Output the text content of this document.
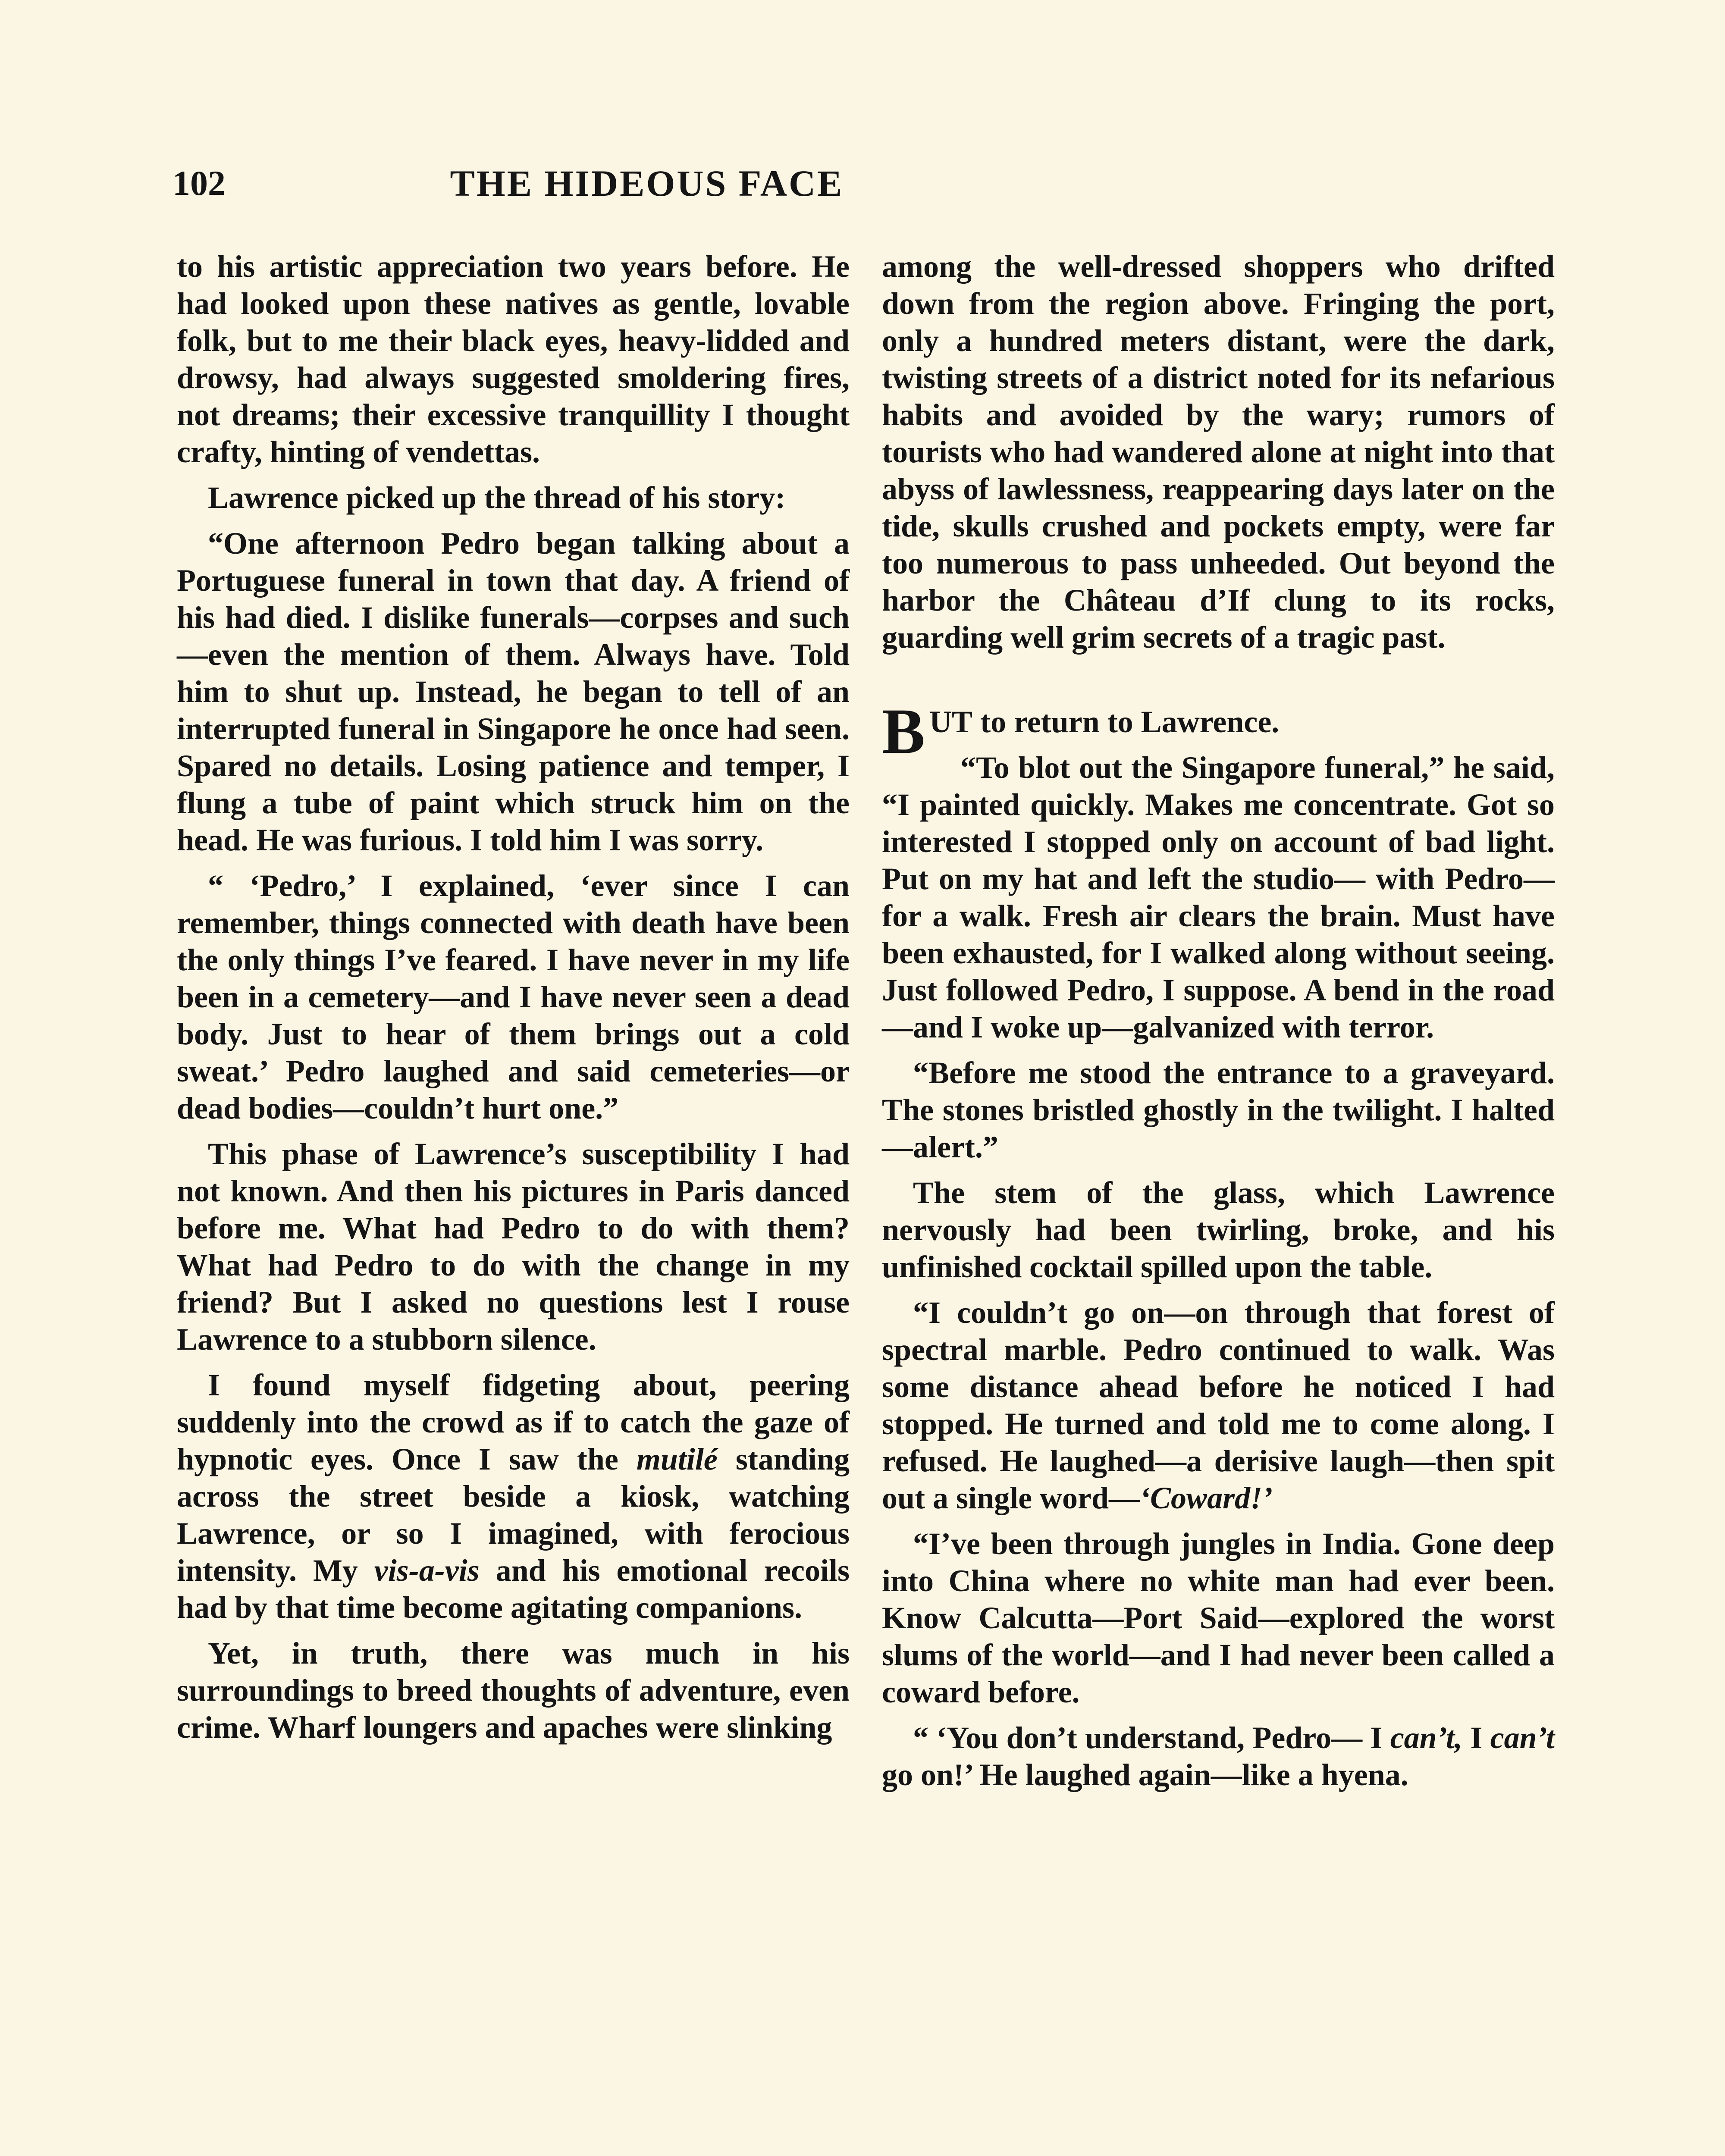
102	THE HIDEOUS FACE

to his artistic appreciation two years before. He had looked upon these natives as gentle, lovable folk, but to me their black eyes, heavy-lidded and drowsy, had always suggested smoldering fires, not dreams; their excessive tranquillity I thought crafty, hinting of vendettas.

Lawrence picked up the thread of his story:

“One afternoon Pedro began talking about a Portuguese funeral in town that day. A friend of his had died. I dislike funerals—corpses and such—even the mention of them. Always have. Told him to shut up. Instead, he began to tell of an interrupted funeral in Singapore he once had seen. Spared no details. Losing patience and temper, I flung a tube of paint which struck him on the head. He was furious. I told him I was sorry.

“ ‘Pedro,’ I explained, ‘ever since I can remember, things connected with death have been the only things I’ve feared. I have never in my life been in a cemetery—and I have never seen a dead body. Just to hear of them brings out a cold sweat.’ Pedro laughed and said cemeteries—or dead bodies—couldn’t hurt one.”

This phase of Lawrence’s susceptibility I had not known. And then his pictures in Paris danced before me. What had Pedro to do with them? What had Pedro to do with the change in my friend? But I asked no questions lest I rouse Lawrence to a stubborn silence.

I found myself fidgeting about, peering suddenly into the crowd as if to catch the gaze of hypnotic eyes. Once I saw the mutilé standing across the street beside a kiosk, watching Lawrence, or so I imagined, with ferocious intensity. My vis-a-vis and his emotional recoils had by that time become agitating companions.

Yet, in truth, there was much in his surroundings to breed thoughts of adventure, even crime. Wharf loungers and apaches were slinking

among the well-dressed shoppers who drifted down from the region above. Fringing the port, only a hundred meters distant, were the dark, twisting streets of a district noted for its nefarious habits and avoided by the wary; rumors of tourists who had wandered alone at night into that abyss of lawlessness, reappearing days later on the tide, skulls crushed and pockets empty, were far too numerous to pass unheeded. Out beyond the harbor the Château d’If clung to its rocks, guarding well grim secrets of a tragic past.

BUT to return to Lawrence.

“To blot out the Singapore funeral,” he said, “I painted quickly. Makes me concentrate. Got so interested I stopped only on account of bad light. Put on my hat and left the studio— with Pedro—for a walk. Fresh air clears the brain. Must have been exhausted, for I walked along without seeing. Just followed Pedro, I suppose. A bend in the road—and I woke up—galvanized with terror.

“Before me stood the entrance to a graveyard. The stones bristled ghostly in the twilight. I halted—alert.”

The stem of the glass, which Lawrence nervously had been twirling, broke, and his unfinished cocktail spilled upon the table.

“I couldn’t go on—on through that forest of spectral marble. Pedro continued to walk. Was some distance ahead before he noticed I had stopped. He turned and told me to come along. I refused. He laughed—a derisive laugh—then spit out a single word—‘Coward!’

“I’ve been through jungles in India. Gone deep into China where no white man had ever been. Know Calcutta—Port Said—explored the worst slums of the world—and I had never been called a coward before.

“ ‘You don’t understand, Pedro— I can’t, I can’t go on!’ He laughed again—like a hyena.
